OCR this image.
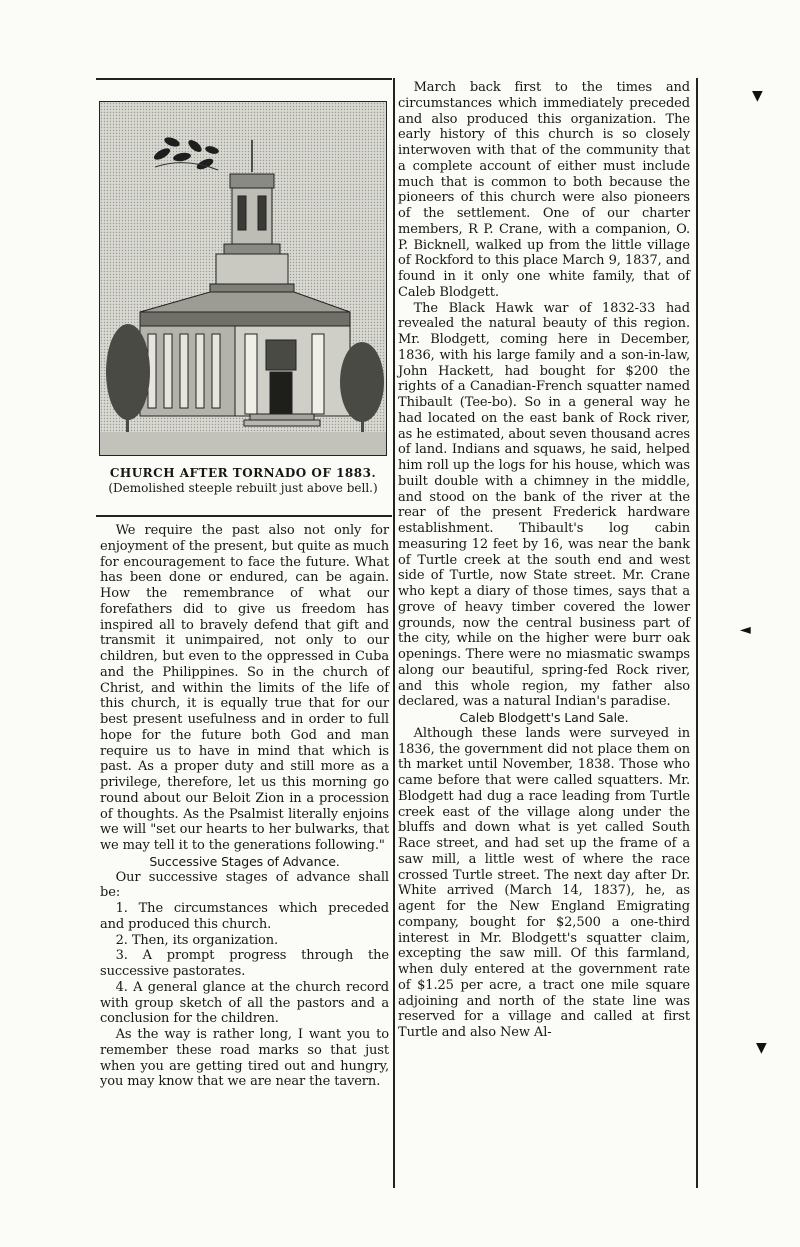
CHURCH AFTER TORNADO OF 1883.
(Demolished steeple rebuilt just above bell.)

We require the past also not only for enjoyment of the present, but quite as much for encouragement to face the future. What has been done or endured, can be again. How the remembrance of what our forefathers did to give us freedom has inspired all to bravely defend that gift and transmit it unimpaired, not only to our children, but even to the oppressed in Cuba and the Philippines. So in the church of Christ, and within the limits of the life of this church, it is equally true that for our best present usefulness and in order to full hope for the future both God and man require us to have in mind that which is past. As a proper duty and still more as a privilege, therefore, let us this morning go round about our Beloit Zion in a procession of thoughts. As the Psalmist literally enjoins we will "set our hearts to her bulwarks, that we may tell it to the generations following."

Successive Stages of Advance.

Our successive stages of advance shall be:

1. The circumstances which preceded and produced this church.
2. Then, its organization.
3. A prompt progress through the successive pastorates.
4. A general glance at the church record with group sketch of all the pastors and a conclusion for the children.

As the way is rather long, I want you to remember these road marks so that just when you are getting tired out and hungry, you may know that we are near the tavern.

March back first to the times and circumstances which immediately preceded and also produced this organization. The early history of this church is so closely interwoven with that of the community that a complete account of either must include much that is common to both because the pioneers of this church were also pioneers of the settlement. One of our charter members, R P. Crane, with a companion, O. P. Bicknell, walked up from the little village of Rockford to this place March 9, 1837, and found in it only one white family, that of Caleb Blodgett.

The Black Hawk war of 1832-33 had revealed the natural beauty of this region. Mr. Blodgett, coming here in December, 1836, with his large family and a son-in-law, John Hackett, had bought for $200 the rights of a Canadian-French squatter named Thibault (Tee-bo). So in a general way he had located on the east bank of Rock river, as he estimated, about seven thousand acres of land. Indians and squaws, he said, helped him roll up the logs for his house, which was built double with a chimney in the middle, and stood on the bank of the river at the rear of the present Frederick hardware establishment. Thibault's log cabin measuring 12 feet by 16, was near the bank of Turtle creek at the south end and west side of Turtle, now State street. Mr. Crane who kept a diary of those times, says that a grove of heavy timber covered the lower grounds, now the central business part of the city, while on the higher were burr oak openings. There were no miasmatic swamps along our beautiful, spring-fed Rock river, and this whole region, my father also declared, was a natural Indian's paradise.

Caleb Blodgett's Land Sale.

Although these lands were surveyed in 1836, the government did not place them on th market until November, 1838. Those who came before that were called squatters. Mr. Blodgett had dug a race leading from Turtle creek east of the village along under the bluffs and down what is yet called South Race street, and had set up the frame of a saw mill, a little west of where the race crossed Turtle street. The next day after Dr. White arrived (March 14, 1837), he, as agent for the New England Emigrating company, bought for $2,500 a one-third interest in Mr. Blodgett's squatter claim, excepting the saw mill. Of this farmland, when duly entered at the government rate of $1.25 per acre, a tract one mile square adjoining and north of the state line was reserved for a village and called at first Turtle and also New Al-

▼
◄
▼
